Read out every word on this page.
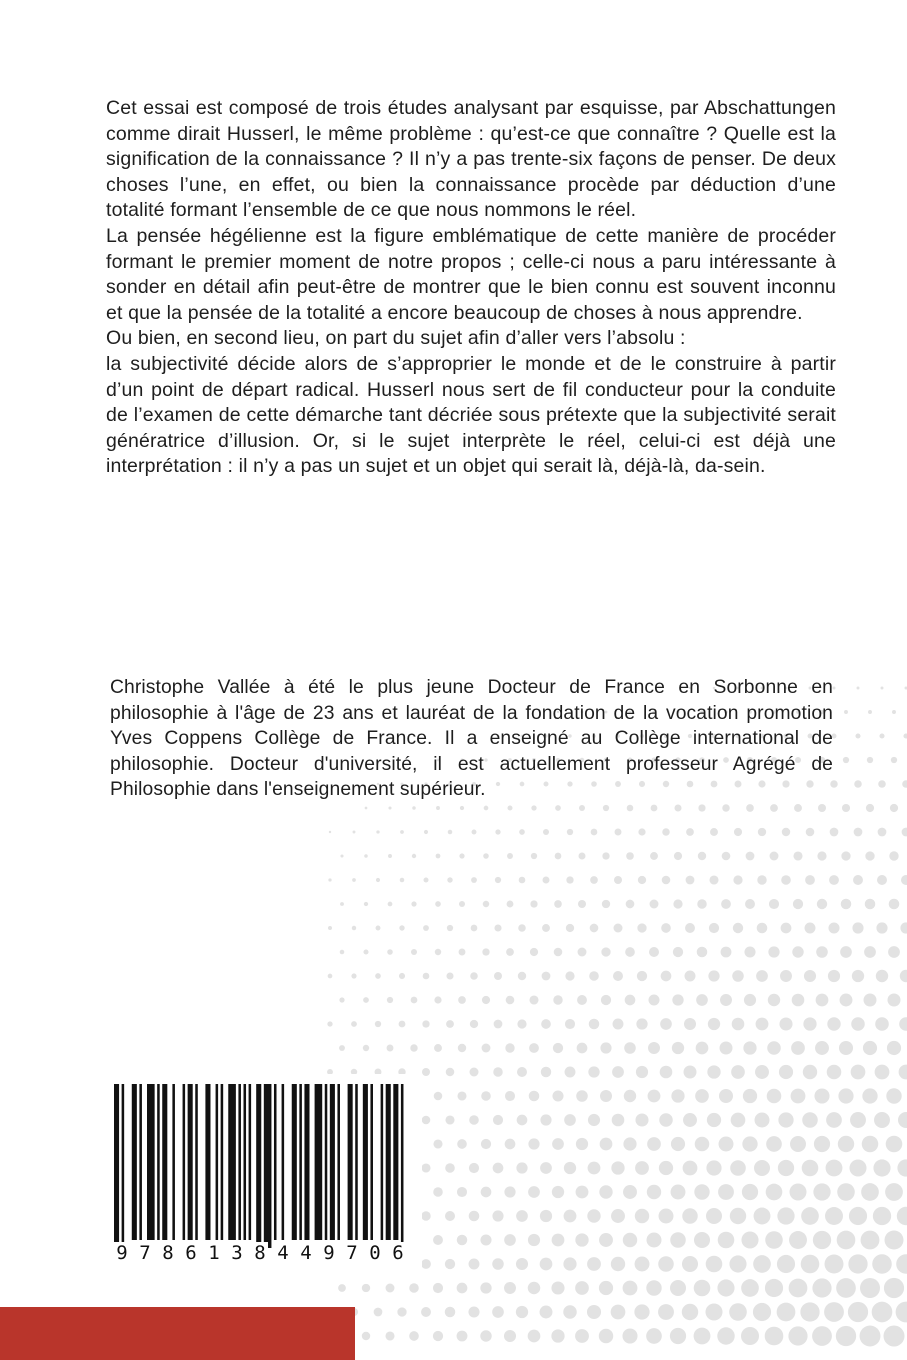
Cet essai est composé de trois études analysant par esquisse, par Abschattungen comme dirait Husserl, le même problème : qu’est-ce que connaître ? Quelle est la signification de la connaissance ? Il n’y a pas trente-six façons de penser. De deux choses l’une, en effet, ou bien la connaissance procède par déduction d’une totalité formant l’ensemble de ce que nous nommons le réel.

La pensée hégélienne est la figure emblématique de cette manière de procéder formant le premier moment de notre propos ; celle-ci nous a paru intéressante à sonder en détail afin peut-être de montrer que le bien connu est souvent inconnu et que la pensée de la totalité a encore beaucoup de choses à nous apprendre.

Ou bien, en second lieu, on part du sujet afin d’aller vers l’absolu :

la subjectivité décide alors de s’approprier le monde et de le construire à partir d’un point de départ radical. Husserl nous sert de fil conducteur pour la conduite de l’examen de cette démarche tant décriée sous prétexte que la subjectivité serait génératrice d’illusion. Or, si le sujet interprète le réel, celui-ci est déjà une interprétation : il n’y a pas un sujet et un objet qui serait là, déjà-là, da-sein.

Christophe Vallée à été le plus jeune Docteur de France en Sorbonne en philosophie à l'âge de 23 ans et lauréat de la fondation de la vocation promotion Yves Coppens Collège de France. Il a enseigné au Collège international de philosophie. Docteur d'université, il est actuellement professeur Agrégé de Philosophie dans l'enseignement supérieur.

9 7 8 6 1 3 8 4 4 9 7 0 6
